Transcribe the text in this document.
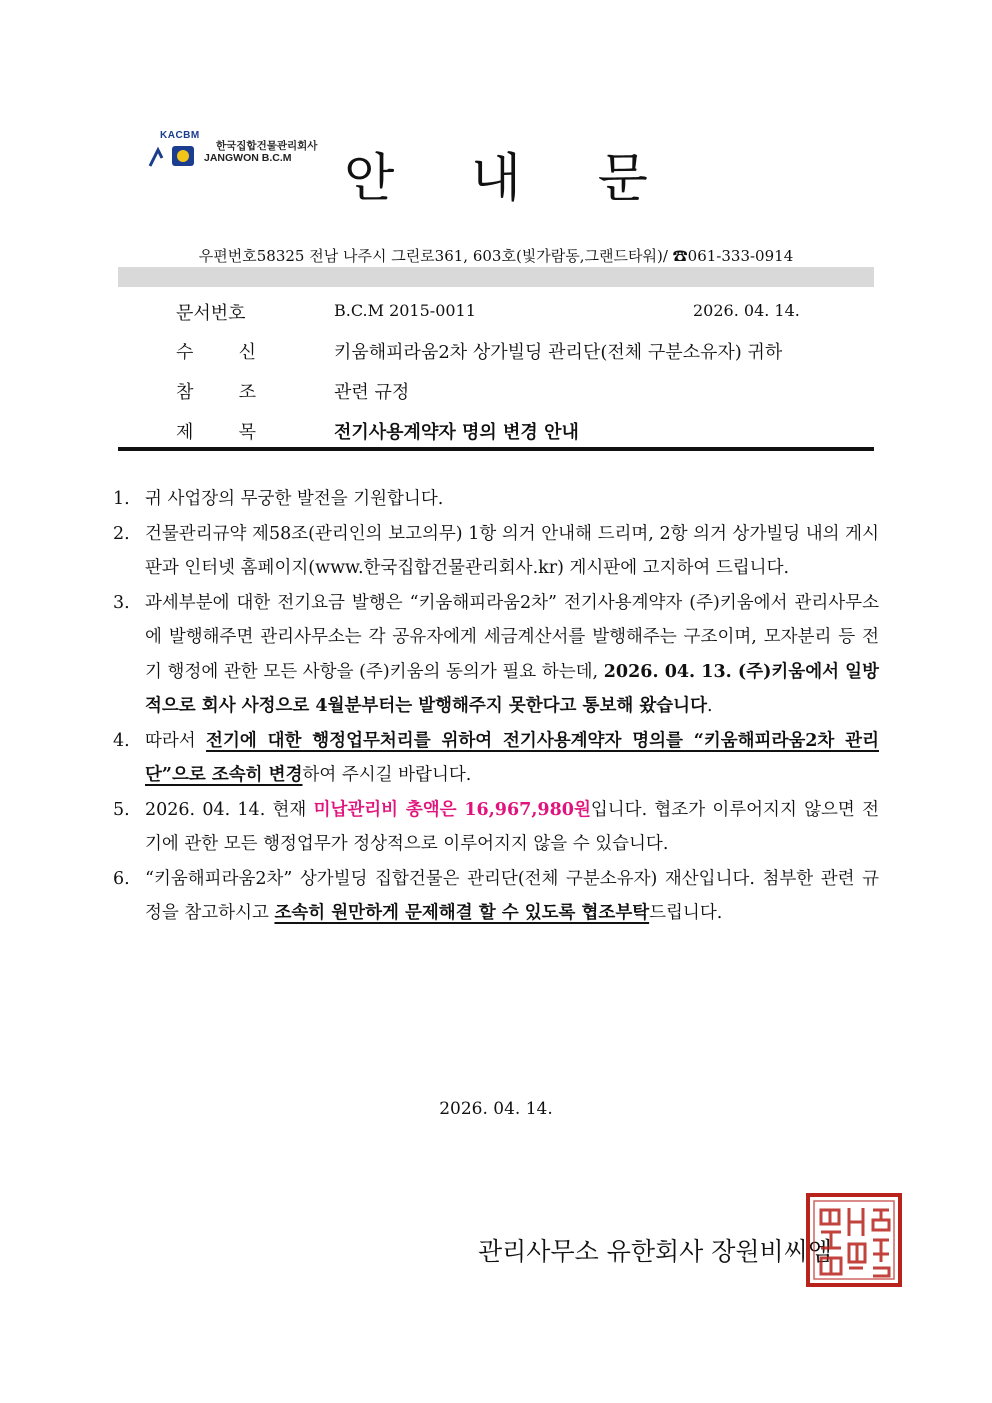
KACBM
한국집합건물관리회사
JANGWON B.C.M	안 내 문
우편번호58325 전남 나주시 그린로361, 603호(빛가람동,그랜드타워)/ ☎061-333-0914
문서번호	B.C.M 2015-0011	2026. 04. 14.
수	신	키움해피라움2차 상가빌딩 관리단(전체 구분소유자) 귀하
참	조	관련 규정
제	목	전기사용계약자 명의 변경 안내
1. 귀 사업장의 무궁한 발전을 기원합니다.
2. 건물관리규약 제58조(관리인의 보고의무) 1항 의거 안내해 드리며, 2항 의거 상가빌딩 내의 게시판과 인터넷 홈페이지(www.한국집합건물관리회사.kr) 게시판에 고지하여 드립니다.
3. 과세부분에 대한 전기요금 발행은 “키움해피라움2차” 전기사용계약자 (주)키움에서 관리사무소에 발행해주면 관리사무소는 각 공유자에게 세금계산서를 발행해주는 구조이며, 모자분리 등 전기 행정에 관한 모든 사항을 (주)키움의 동의가 필요 하는데, 2026. 04. 13. (주)키움에서 일방적으로 회사 사정으로 4월분부터는 발행해주지 못한다고 통보해 왔습니다.
4. 따라서 전기에 대한 행정업무처리를 위하여 전기사용계약자 명의를 “키움해피라움2차 관리단”으로 조속히 변경하여 주시길 바랍니다.
5. 2026. 04. 14. 현재 미납관리비 총액은 16,967,980원입니다. 협조가 이루어지지 않으면 전기에 관한 모든 행정업무가 정상적으로 이루어지지 않을 수 있습니다.
6. “키움해피라움2차” 상가빌딩 집합건물은 관리단(전체 구분소유자) 재산입니다. 첨부한 관련 규정을 참고하시고 조속히 원만하게 문제해결 할 수 있도록 협조부탁드립니다.
2026. 04. 14.
관리사무소 유한회사 장원비씨엠
